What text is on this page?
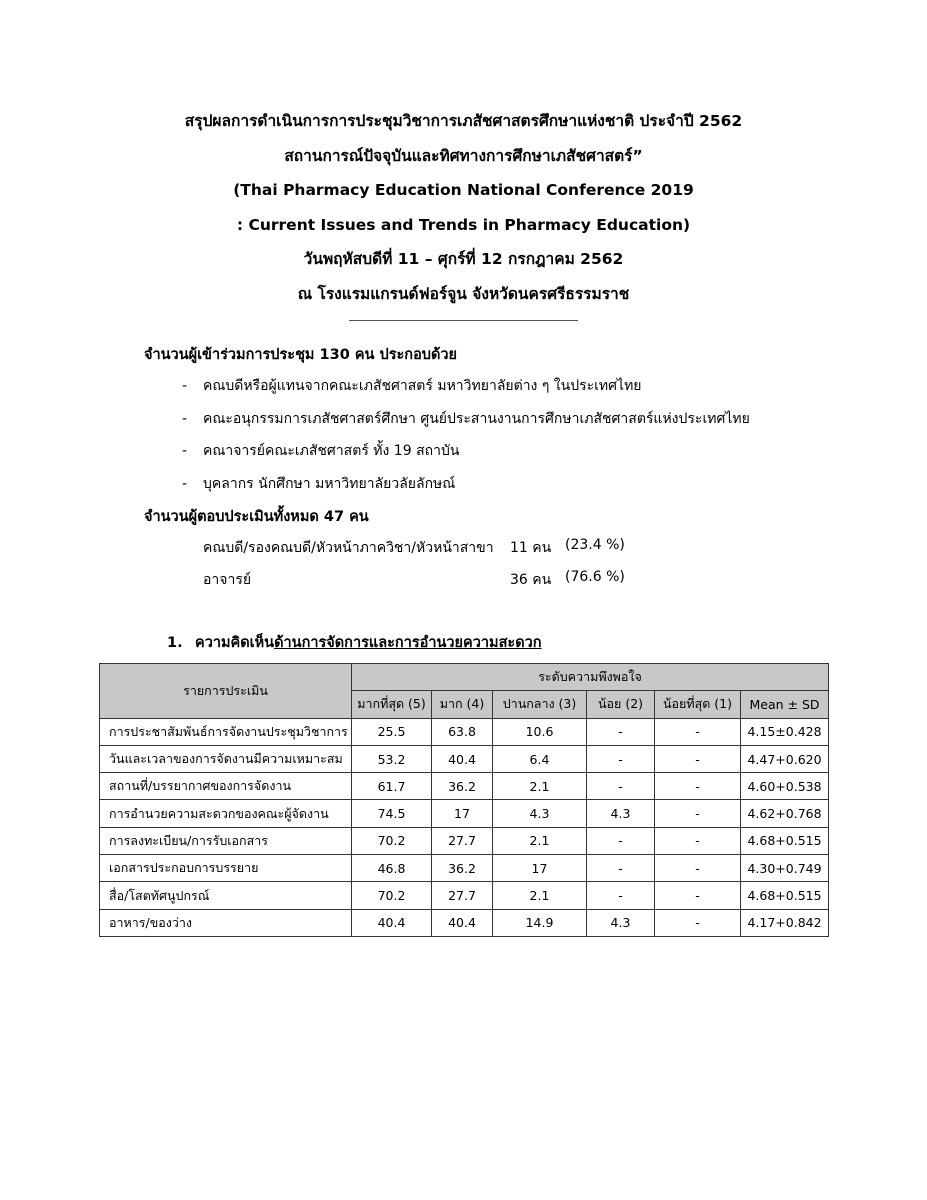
สรุปผลการดำเนินการการประชุมวิชาการเภสัชศาสตรศึกษาแห่งชาติ ประจำปี 2562
สถานการณ์ปัจจุบันและทิศทางการศึกษาเภสัชศาสตร์”
(Thai Pharmacy Education National Conference 2019
: Current Issues and Trends in Pharmacy Education)
วันพฤหัสบดีที่ 11 – ศุกร์ที่ 12 กรกฎาคม 2562
ณ โรงแรมแกรนด์ฟอร์จูน จังหวัดนครศรีธรรมราช
จำนวนผู้เข้าร่วมการประชุม 130 คน ประกอบด้วย
- คณบดีหรือผู้แทนจากคณะเภสัชศาสตร์ มหาวิทยาลัยต่าง ๆ ในประเทศไทย
- คณะอนุกรรมการเภสัชศาสตร์ศึกษา ศูนย์ประสานงานการศึกษาเภสัชศาสตร์แห่งประเทศไทย
- คณาจารย์คณะเภสัชศาสตร์ ทั้ง 19 สถาบัน
- บุคลากร นักศึกษา มหาวิทยาลัยวลัยลักษณ์
จำนวนผู้ตอบประเมินทั้งหมด 47 คน
คณบดี/รองคณบดี/หัวหน้าภาควิชา/หัวหน้าสาขา 11 คน (23.4 %)
อาจารย์	36 คน (76.6 %)
1. ความคิดเห็นด้านการจัดการและการอำนวยความสะดวก
รายการประเมิน	ระดับความพึงพอใจ					
	มากที่สุด (5)	มาก (4)	ปานกลาง (3)	น้อย (2)	น้อยที่สุด (1)	Mean ± SD
การประชาสัมพันธ์การจัดงานประชุมวิชาการ	25.5	63.8	10.6	-	-	4.15±0.428
วันและเวลาของการจัดงานมีความเหมาะสม	53.2	40.4	6.4	-	-	4.47+0.620
สถานที่/บรรยากาศของการจัดงาน	61.7	36.2	2.1	-	-	4.60+0.538
การอำนวยความสะดวกของคณะผู้จัดงาน	74.5	17	4.3	4.3	-	4.62+0.768
การลงทะเบียน/การรับเอกสาร	70.2	27.7	2.1	-	-	4.68+0.515
เอกสารประกอบการบรรยาย	46.8	36.2	17	-	-	4.30+0.749
สื่อ/โสตทัศนูปกรณ์	70.2	27.7	2.1	-	-	4.68+0.515
อาหาร/ของว่าง	40.4	40.4	14.9	4.3	-	4.17+0.842
